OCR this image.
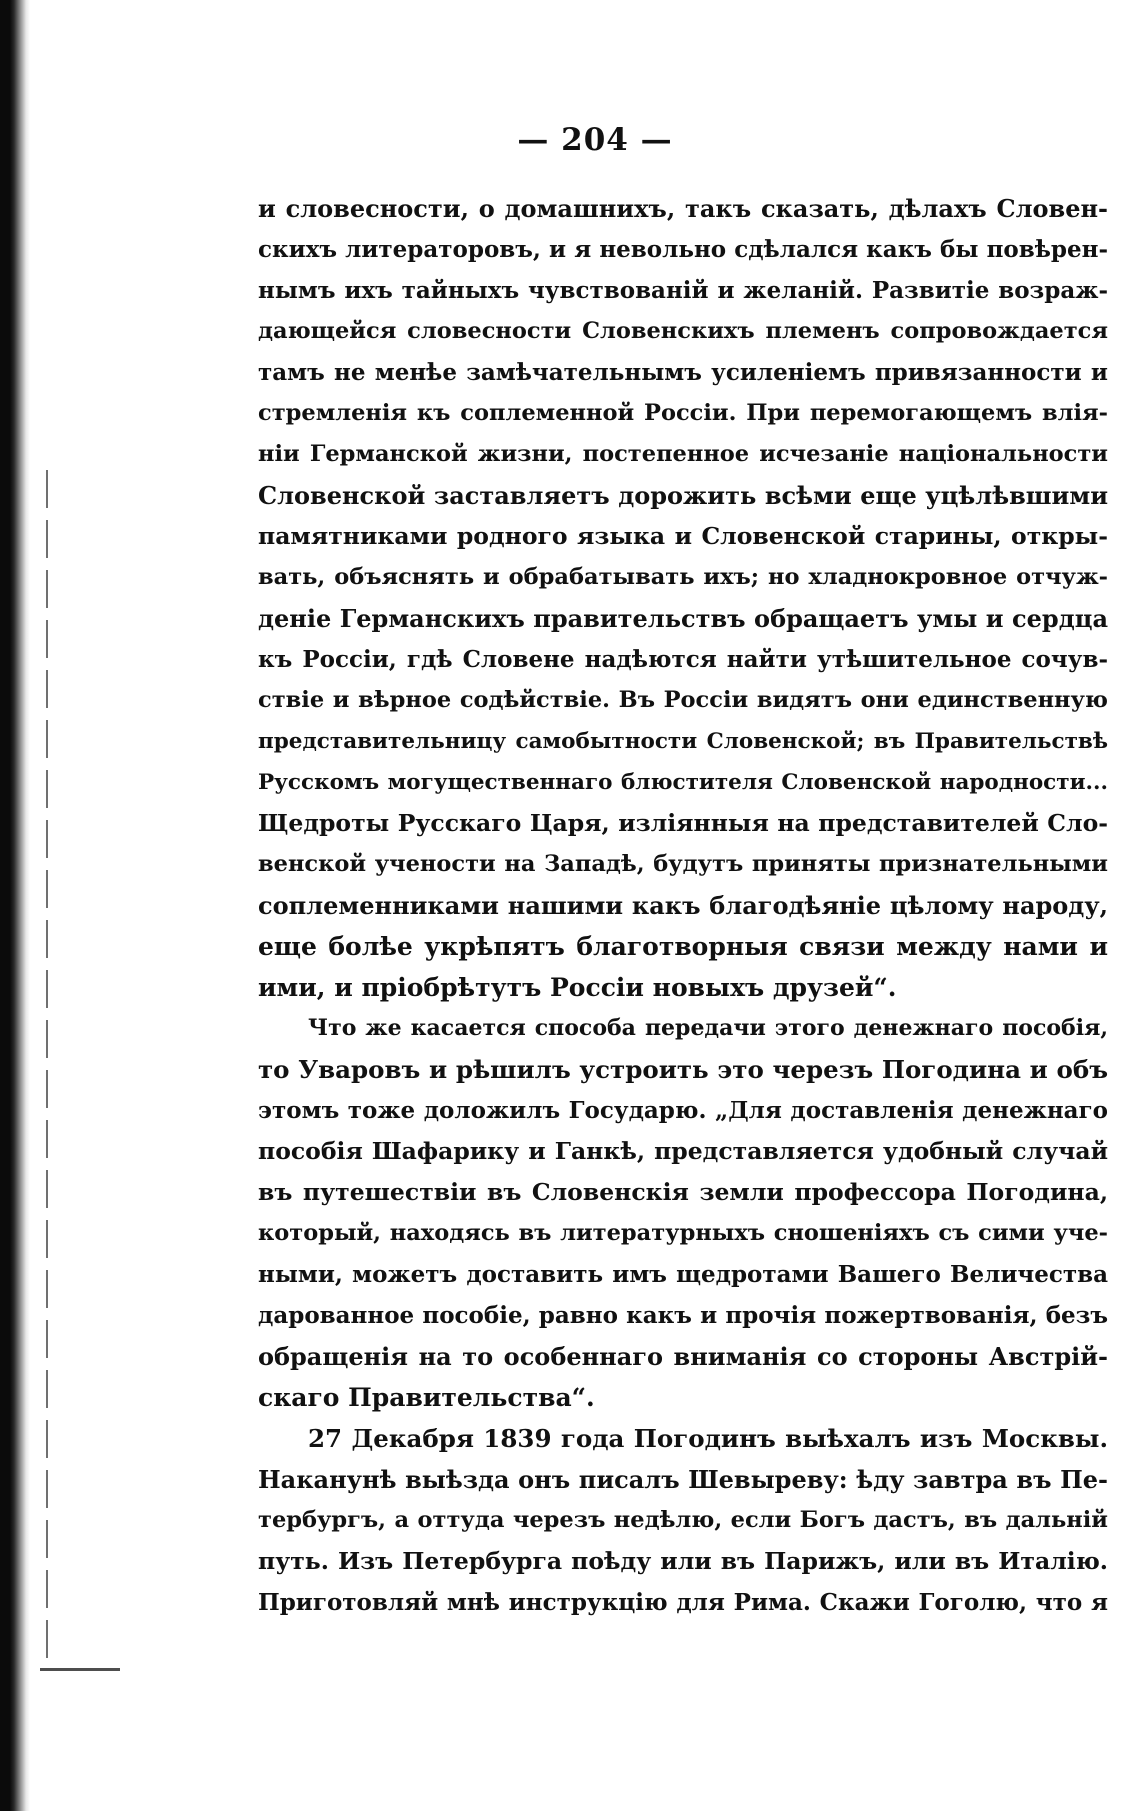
— 204 —
и словесности, о домашнихъ, такъ сказать, дѣлахъ Словен-
скихъ литераторовъ, и я невольно сдѣлался какъ бы повѣрен-
нымъ ихъ тайныхъ чувствованій и желаній. Развитіе возраж-
дающейся словесности Словенскихъ племенъ сопровождается
тамъ не менѣе замѣчательнымъ усиленіемъ привязанности и
стремленія къ соплеменной Россіи. При перемогающемъ влія-
ніи Германской жизни, постепенное исчезаніе національности
Словенской заставляетъ дорожить всѣми еще уцѣлѣвшими
памятниками родного языка и Словенской старины, откры-
вать, объяснять и обрабатывать ихъ; но хладнокровное отчуж-
деніе Германскихъ правительствъ обращаетъ умы и сердца
къ Россіи, гдѣ Словене надѣются найти утѣшительное сочув-
ствіе и вѣрное содѣйствіе. Въ Россіи видятъ они единственную
представительницу самобытности Словенской; въ Правительствѣ
Русскомъ могущественнаго блюстителя Словенской народности...
Щедроты Русскаго Царя, излiянныя на представителей Сло-
венской учености на Западѣ, будутъ приняты признательными
соплеменниками нашими какъ благодѣяніе цѣлому народу,
еще болѣе укрѣпятъ благотворныя связи между нами и
ими, и пріобрѣтутъ Россіи новыхъ друзей“.
Что же касается способа передачи этого денежнаго пособія,
то Уваровъ и рѣшилъ устроить это черезъ Погодина и объ
этомъ тоже доложилъ Государю. „Для доставленія денежнаго
пособія Шафарику и Ганкѣ, представляется удобный случай
въ путешествіи въ Словенскія земли профессора Погодина,
который, находясь въ литературныхъ сношеніяхъ съ сими уче-
ными, можетъ доставить имъ щедротами Вашего Величества
дарованное пособіе, равно какъ и прочія пожертвованія, безъ
обращенія на то особеннаго вниманія со стороны Австрій-
скаго Правительства“.
27 Декабря 1839 года Погодинъ выѣхалъ изъ Москвы.
Наканунѣ выѣзда онъ писалъ Шевыреву: ѣду завтра въ Пе-
тербургъ, а оттуда черезъ недѣлю, если Богъ дастъ, въ дальній
путь. Изъ Петербурга поѣду или въ Парижъ, или въ Италію.
Приготовляй мнѣ инструкцію для Рима. Скажи Гоголю, что я
